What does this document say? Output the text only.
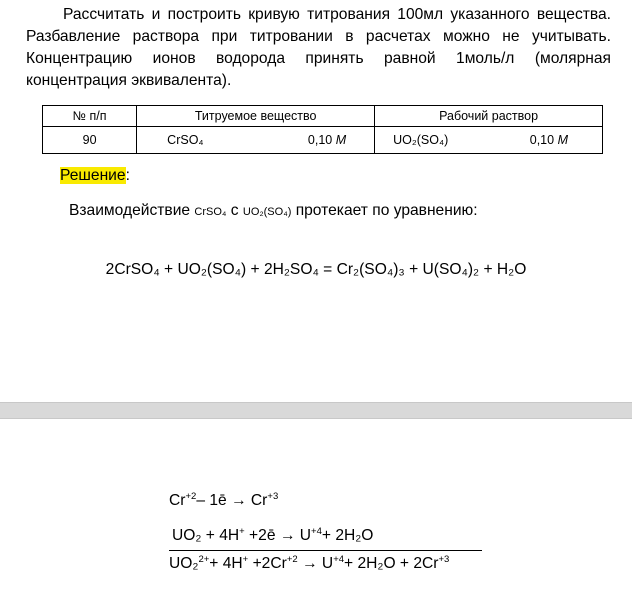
Рассчитать и построить кривую титрования 100мл указанного вещества. Разбавление раствора при титровании в расчетах можно не учитывать. Концентрацию ионов водорода принять равной 1моль/л (молярная концентрация эквивалента).

№ п/п	Титруемое вещество	Рабочий раствор
90	CrSO₄ 0,10 М	UO₂(SO₄) 0,10 М
Решение:
Взаимодействие CrSO₄ с UO₂(SO₄) протекает по уравнению:
2CrSO₄ + UO₂(SO₄) + 2H₂SO₄ = Cr₂(SO₄)₃ + U(SO₄)₂ + H₂O
$Cr^{+2}-$ 1ē → $Cr^{+3}$
UO₂ + 4H+ +2ē → $U^{+4}+ 2H_2O$
$UO_2^{2+}+ 4H^+ +2Cr^{+2} \to U^{+4}+ 2H_2O + 2Cr^{+3}$
